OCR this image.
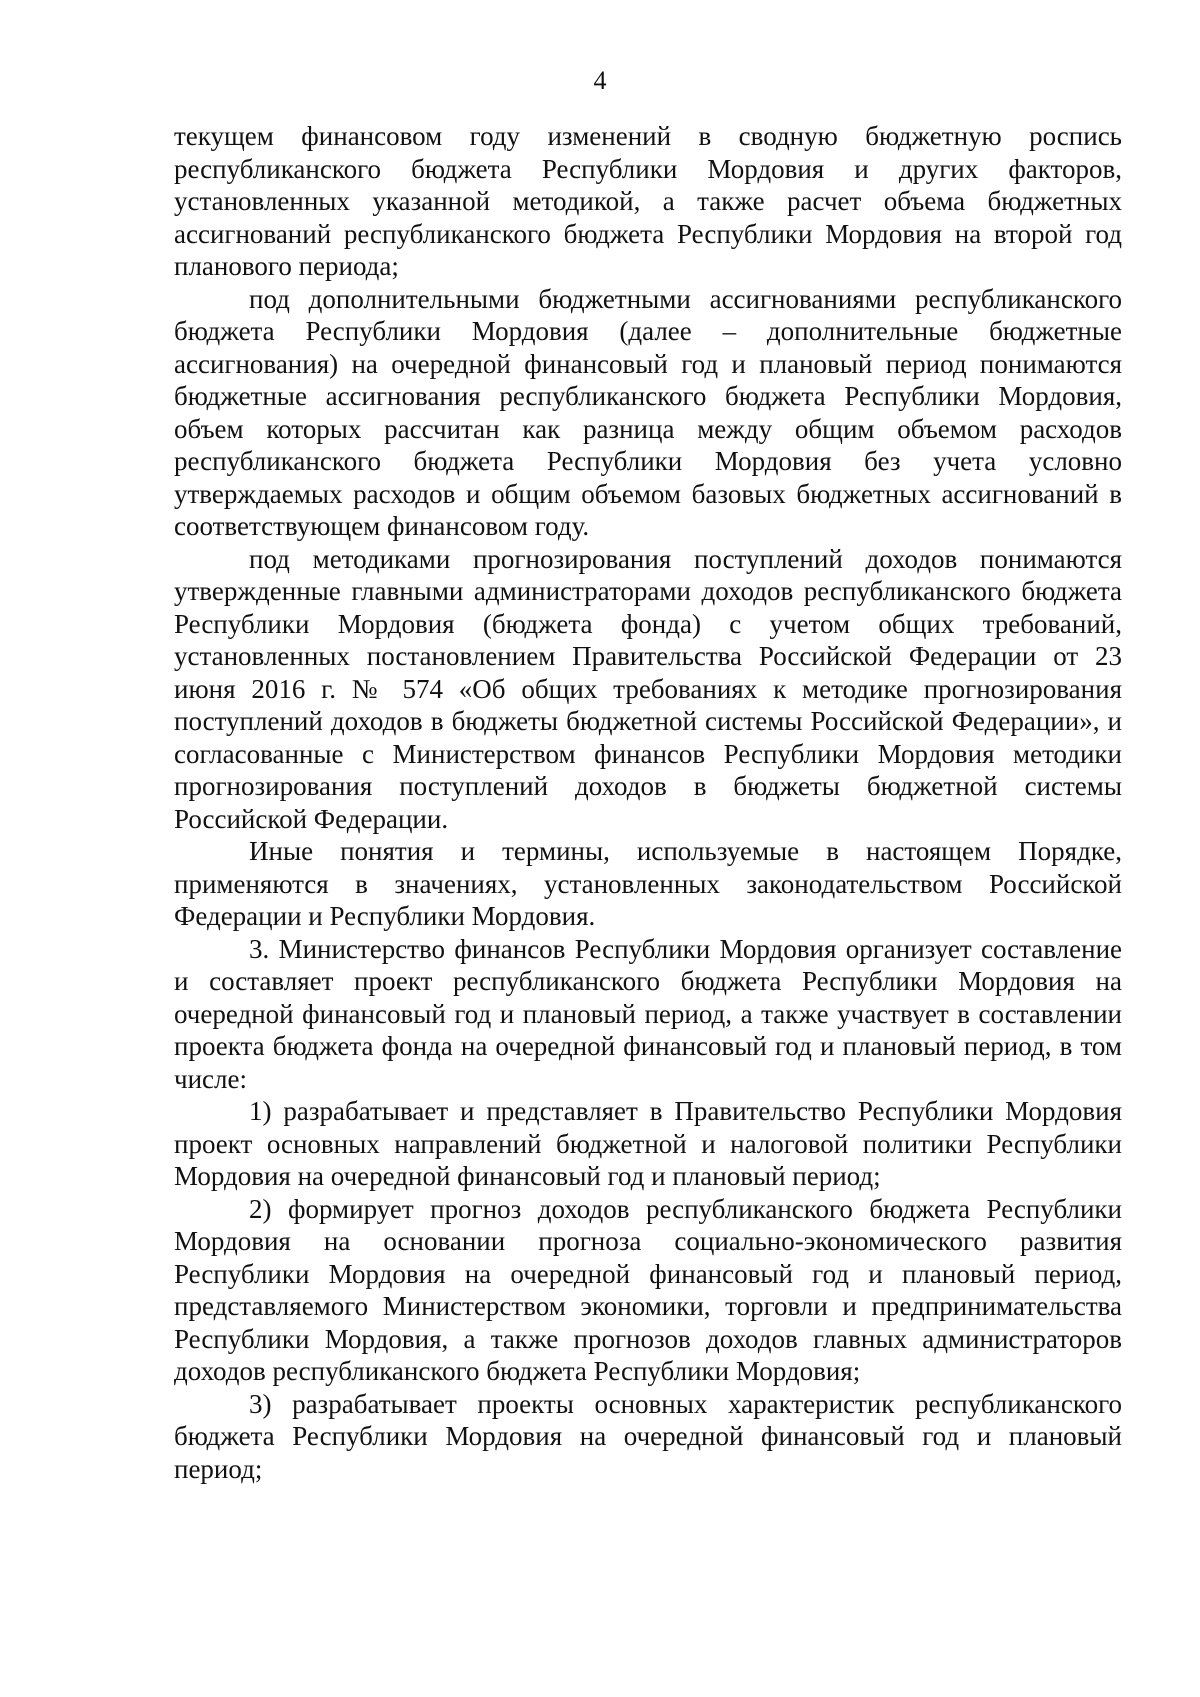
4

текущем финансовом году изменений в сводную бюджетную роспись республиканского бюджета Республики Мордовия и других факторов, установленных указанной методикой, а также расчет объема бюджетных ассигнований республиканского бюджета Республики Мордовия на второй год планового периода;

под дополнительными бюджетными ассигнованиями республиканского бюджета Республики Мордовия (далее – дополнительные бюджетные ассигнования) на очередной финансовый год и плановый период понимаются бюджетные ассигнования республиканского бюджета Республики Мордовия, объем которых рассчитан как разница между общим объемом расходов республиканского бюджета Республики Мордовия без учета условно утверждаемых расходов и общим объемом базовых бюджетных ассигнований в соответствующем финансовом году.

под методиками прогнозирования поступлений доходов понимаются утвержденные главными администраторами доходов республиканского бюджета Республики Мордовия (бюджета фонда) с учетом общих требований, установленных постановлением Правительства Российской Федерации от 23 июня 2016 г. № 574 «Об общих требованиях к методике прогнозирования поступлений доходов в бюджеты бюджетной системы Российской Федерации», и согласованные с Министерством финансов Республики Мордовия методики прогнозирования поступлений доходов в бюджеты бюджетной системы Российской Федерации.

Иные понятия и термины, используемые в настоящем Порядке, применяются в значениях, установленных законодательством Российской Федерации и Республики Мордовия.

3. Министерство финансов Республики Мордовия организует составление и составляет проект республиканского бюджета Республики Мордовия на очередной финансовый год и плановый период, а также участвует в составлении проекта бюджета фонда на очередной финансовый год и плановый период, в том числе:

1) разрабатывает и представляет в Правительство Республики Мордовия проект основных направлений бюджетной и налоговой политики Республики Мордовия на очередной финансовый год и плановый период;

2) формирует прогноз доходов республиканского бюджета Республики Мордовия на основании прогноза социально-экономического развития Республики Мордовия на очередной финансовый год и плановый период, представляемого Министерством экономики, торговли и предпринимательства Республики Мордовия, а также прогнозов доходов главных администраторов доходов республиканского бюджета Республики Мордовия;

3) разрабатывает проекты основных характеристик республиканского бюджета Республики Мордовия на очередной финансовый год и плановый период;
